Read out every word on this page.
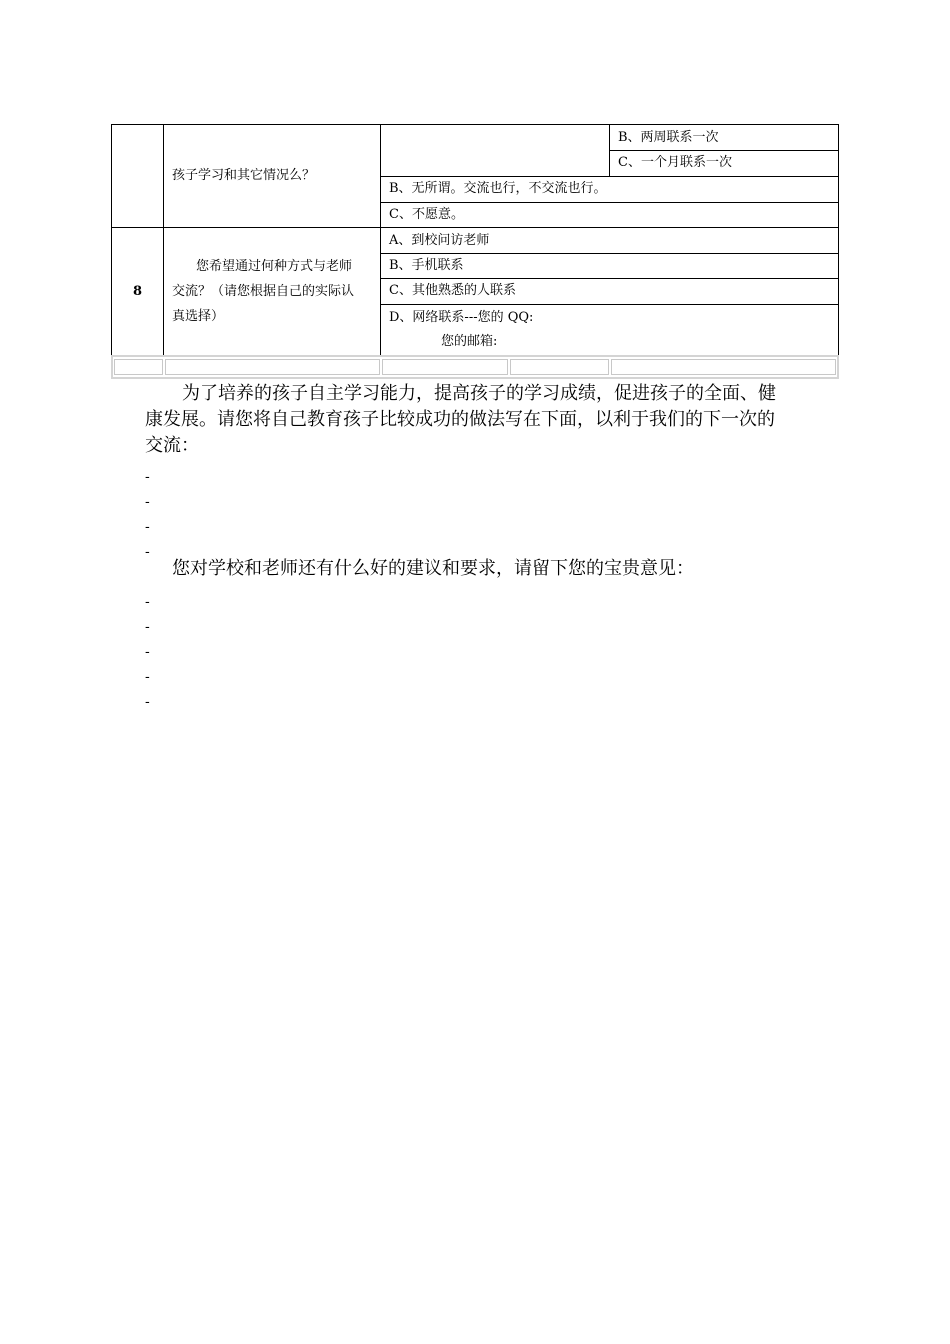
孩子学习和其它情况么？
B、两周联系一次
C、一个月联系一次
B、无所谓。交流也行，不交流也行。
C、不愿意。
8
您希望通过何种方式与老师
交流？（请您根据自己的实际认
真选择）
A、到校问访老师
B、手机联系
C、其他熟悉的人联系
D、网络联系---您的 QQ:
您的邮箱:
为了培养的孩子自主学习能力，提高孩子的学习成绩，促进孩子的全面、健
康发展。请您将自己教育孩子比较成功的做法写在下面，以利于我们的下一次的
交流：
-
-
-
-
您对学校和老师还有什么好的建议和要求，请留下您的宝贵意见：
-
-
-
-
-
